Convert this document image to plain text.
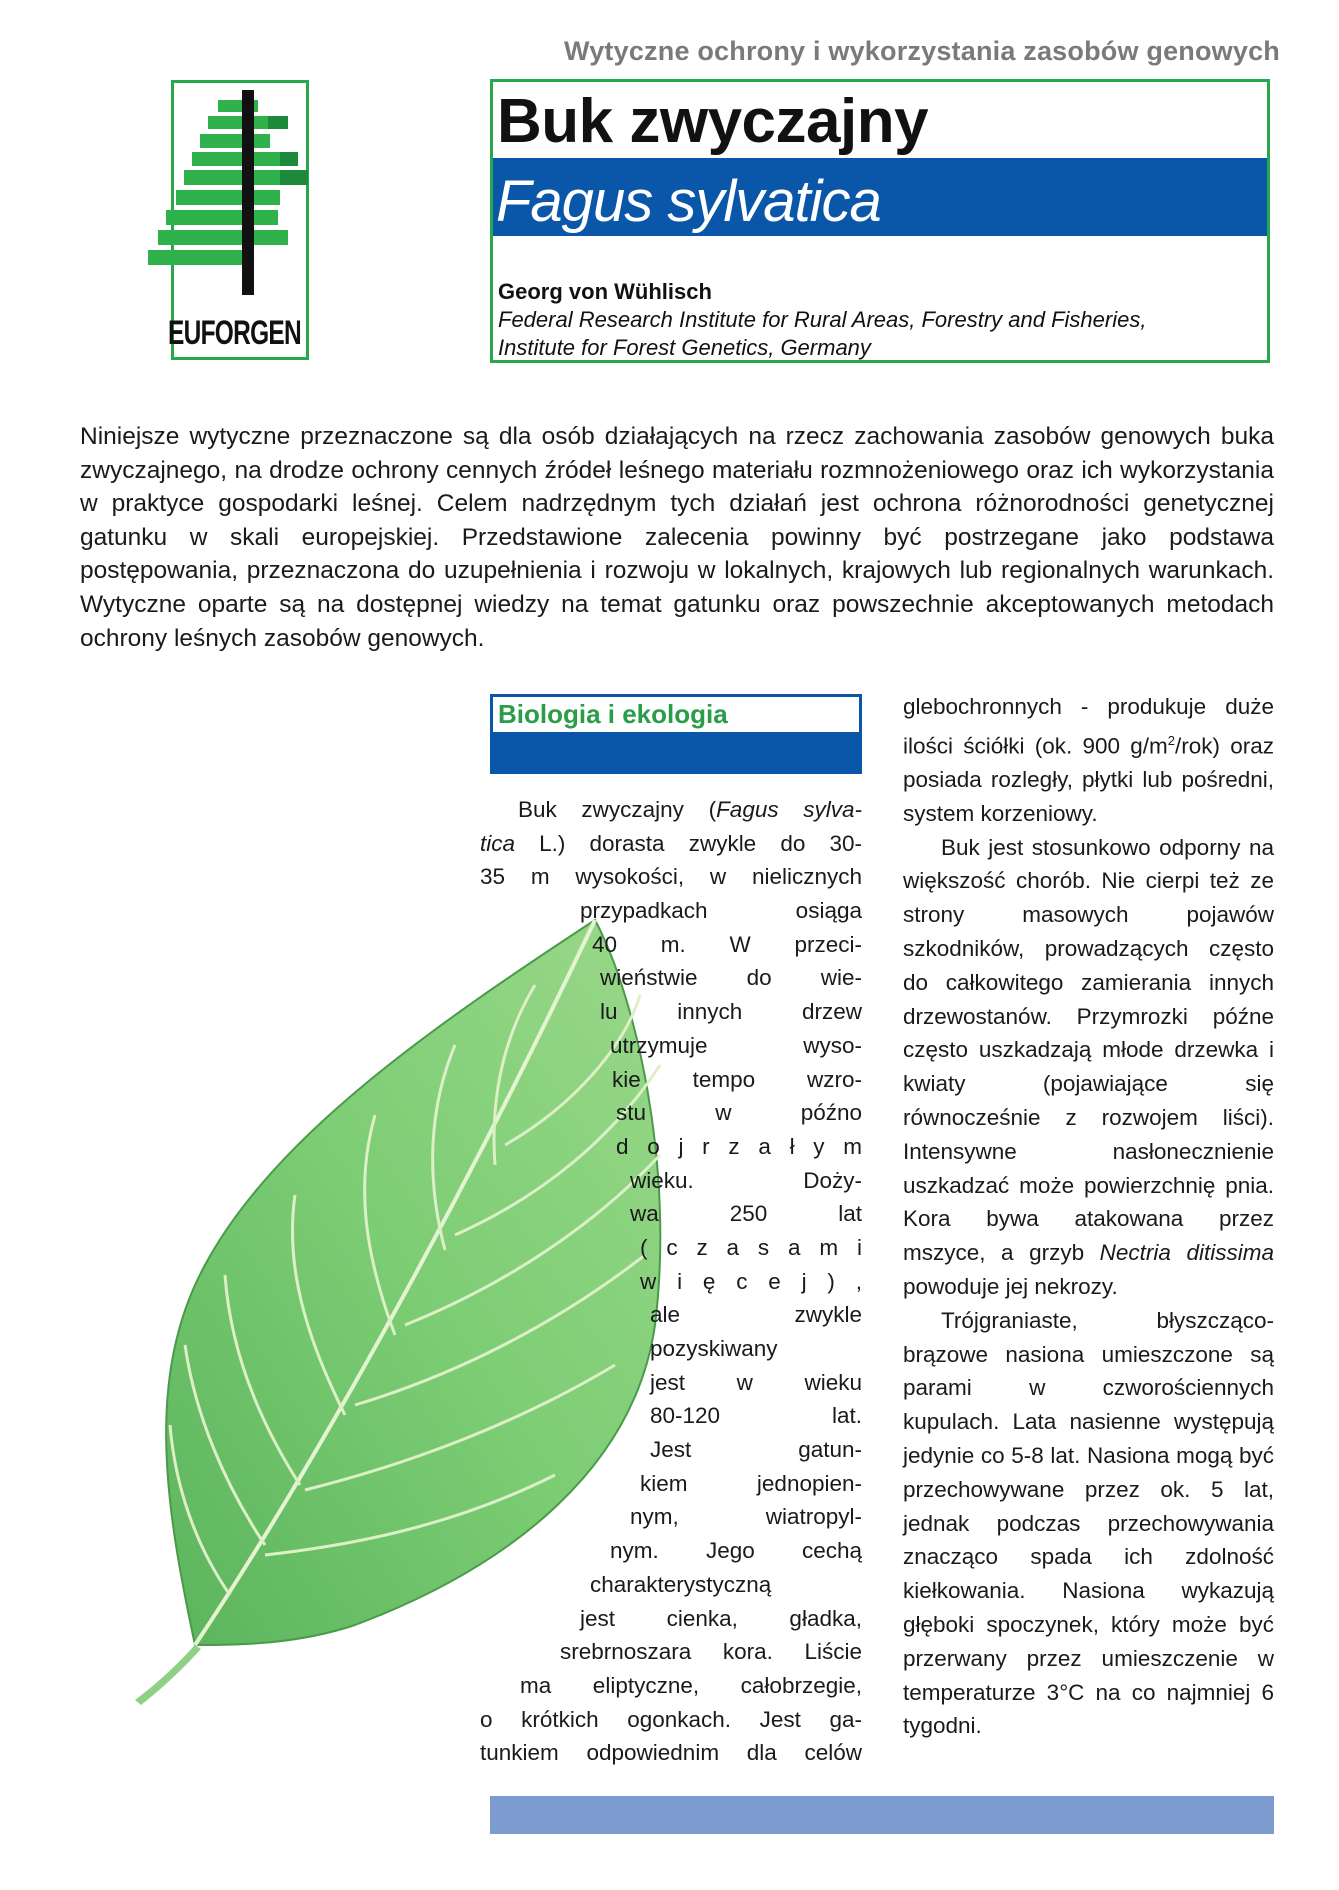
Wytyczne ochrony i wykorzystania zasobów genowych
Buk zwyczajny
Fagus sylvatica
Georg von Wühlisch
Federal Research Institute for Rural Areas, Forestry and Fisheries,
Institute for Forest Genetics, Germany
EUFORGEN
Niniejsze wytyczne przeznaczone są dla osób działających na rzecz zachowania zasobów genowych buka zwyczajnego, na drodze ochrony cennych źródeł leśnego materiału rozmnożeniowego oraz ich wykorzystania w praktyce gospodarki leśnej. Celem nadrzędnym tych działań jest ochrona różnorodności genetycznej gatunku w skali europejskiej. Przedstawione zalecenia powinny być postrzegane jako podstawa postępowania, przeznaczona do uzupełnienia i rozwoju w lokalnych, krajowych lub regionalnych warunkach. Wytyczne oparte są na dostępnej wiedzy na temat gatunku oraz powszechnie akceptowanych metodach ochrony leśnych zasobów genowych.
Biologia i ekologia
Buk zwyczajny (Fagus sylva-
tica L.) dorasta zwykle do 30-
35 m wysokości, w nielicznych
przypadkach osiąga
40 m. W przeci-
wieństwie do wie-
lu innych drzew
utrzymuje wyso-
kie tempo wzro-
stu w późno
d o j r z a ł y m
wieku. Doży-
wa 250 lat
( c z a s a m i
w i ę c e j ) ,
ale zwykle
pozyskiwany
jest w wieku
80-120 lat.
Jest gatun-
kiem jednopien-
nym, wiatropyl-
nym. Jego cechą
charakterystyczną
jest cienka, gładka,
srebrnoszara kora. Liście
ma eliptyczne, całobrzegie,
o krótkich ogonkach. Jest ga-
tunkiem odpowiednim dla celów

glebochronnych - produkuje duże ilości ściółki (ok. 900 $g/m^2/rok$) oraz posiada rozległy, płytki lub pośredni, system korzeniowy.

Buk jest stosunkowo odporny na większość chorób. Nie cierpi też ze strony masowych pojawów szkodników, prowadzących często do całkowitego zamierania innych drzewostanów. Przymrozki późne często uszkadzają młode drzewka i kwiaty (pojawiające się równocześnie z rozwojem liści). Intensywne nasłonecznienie uszkadzać może powierzchnię pnia. Kora bywa atakowana przez mszyce, a grzyb Nectria ditissima powoduje jej nekrozy.

Trójgraniaste, błyszcząco-brązowe nasiona umieszczone są parami w czworościennych kupulach. Lata nasienne występują jedynie co 5-8 lat. Nasiona mogą być przechowywane przez ok. 5 lat, jednak podczas przechowywania znacząco spada ich zdolność kiełkowania. Nasiona wykazują głęboki spoczynek, który może być przerwany przez umieszczenie w temperaturze 3°C na co najmniej 6 tygodni.
